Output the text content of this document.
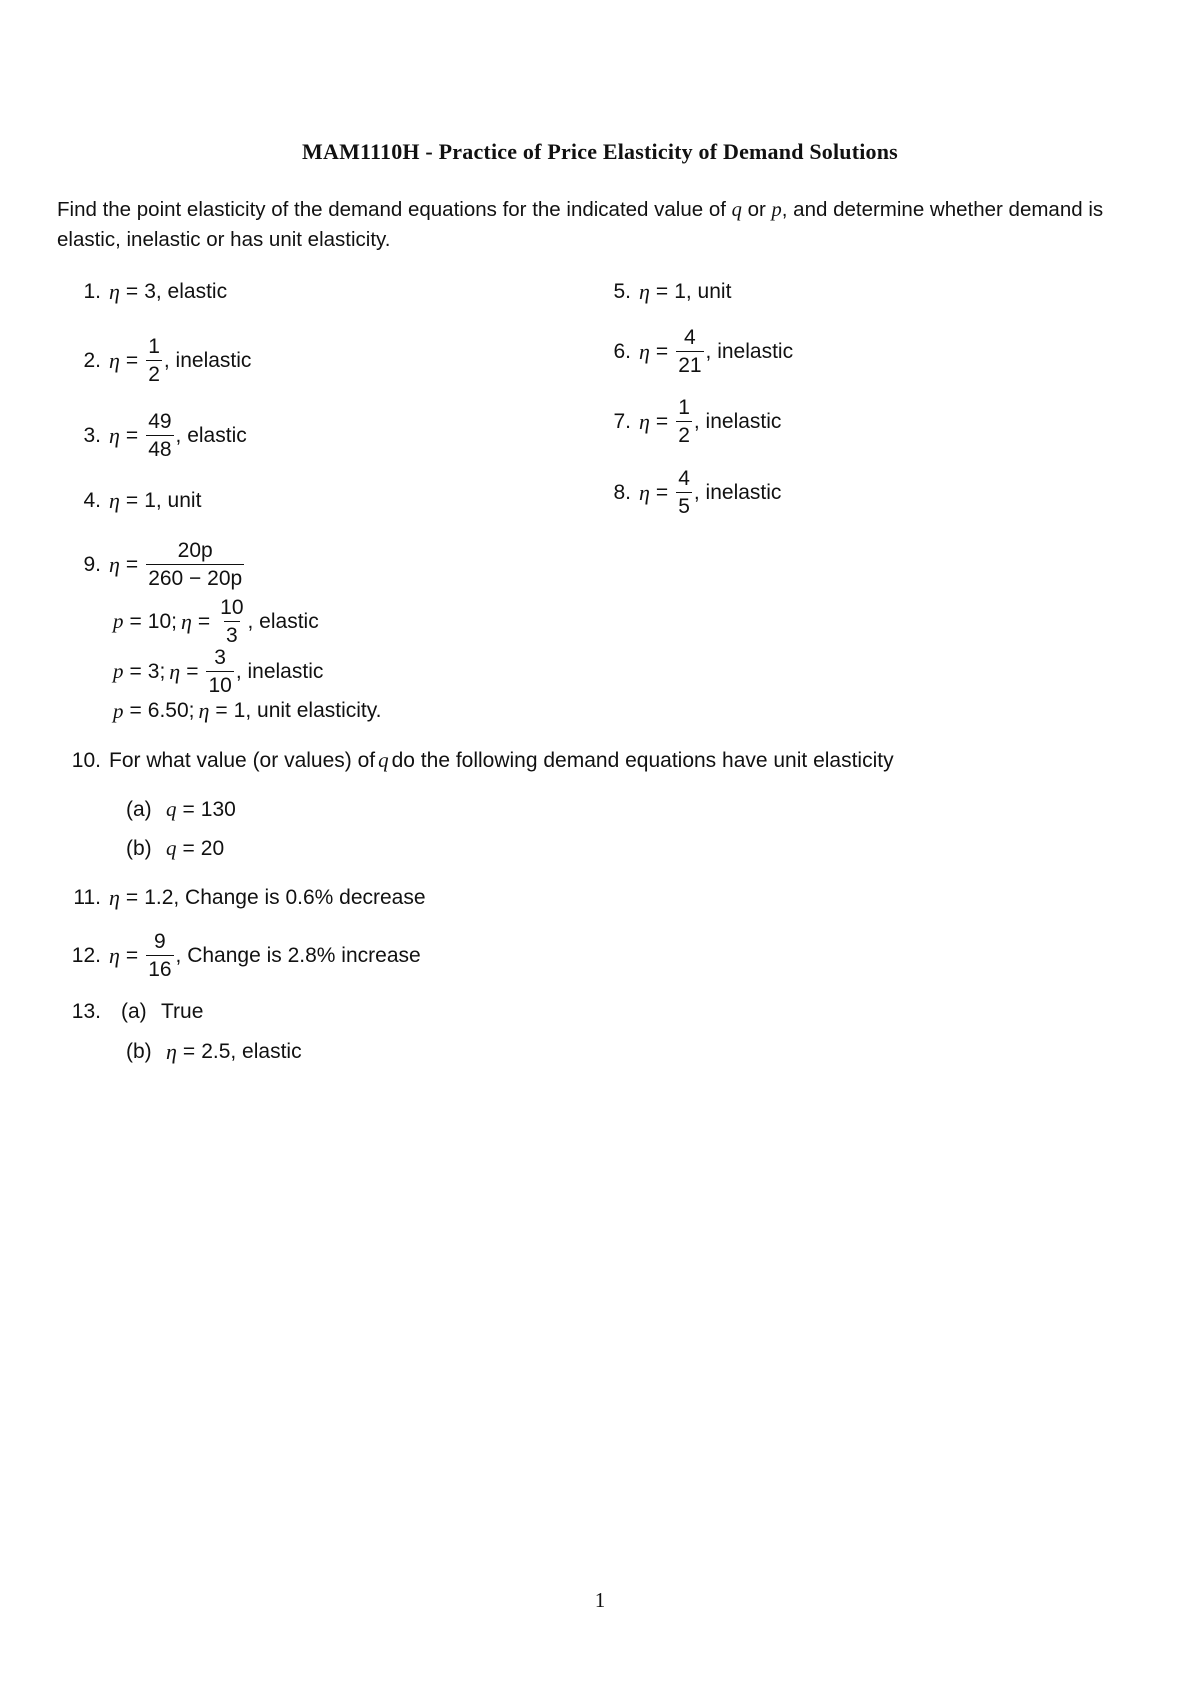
MAM1110H - Practice of Price Elasticity of Demand Solutions
Find the point elasticity of the demand equations for the indicated value of q or p, and determine whether demand is elastic, inelastic or has unit elasticity.
1. η = 3 , elastic
2. $\eta = \frac{1}{2}$ , inelastic
3. $\eta = \frac{49}{48}$ , elastic
4. η = 1 , unit
5. η = 1 , unit
6. $\eta = \frac{4}{21}$ , inelastic
7. $\eta = \frac{1}{2}$ , inelastic
8. $\eta = \frac{4}{5}$ , inelastic
9. $\eta = \frac{20p}{260 - 20p}$
p = 10; $\eta = \frac{10}{3}$ , elastic
p = 3; $\eta = \frac{3}{10}$ , inelastic
p = 6.50; η = 1 , unit elasticity.
10. For what value (or values) of q do the following demand equations have unit elasticity
(a) q = 130
(b) q = 20
11. η = 1.2 , Change is 0.6% decrease
12. $\eta = \frac{9}{16}$ , Change is 2.8% increase
13. (a) True
(b) η = 2.5 , elastic
1
